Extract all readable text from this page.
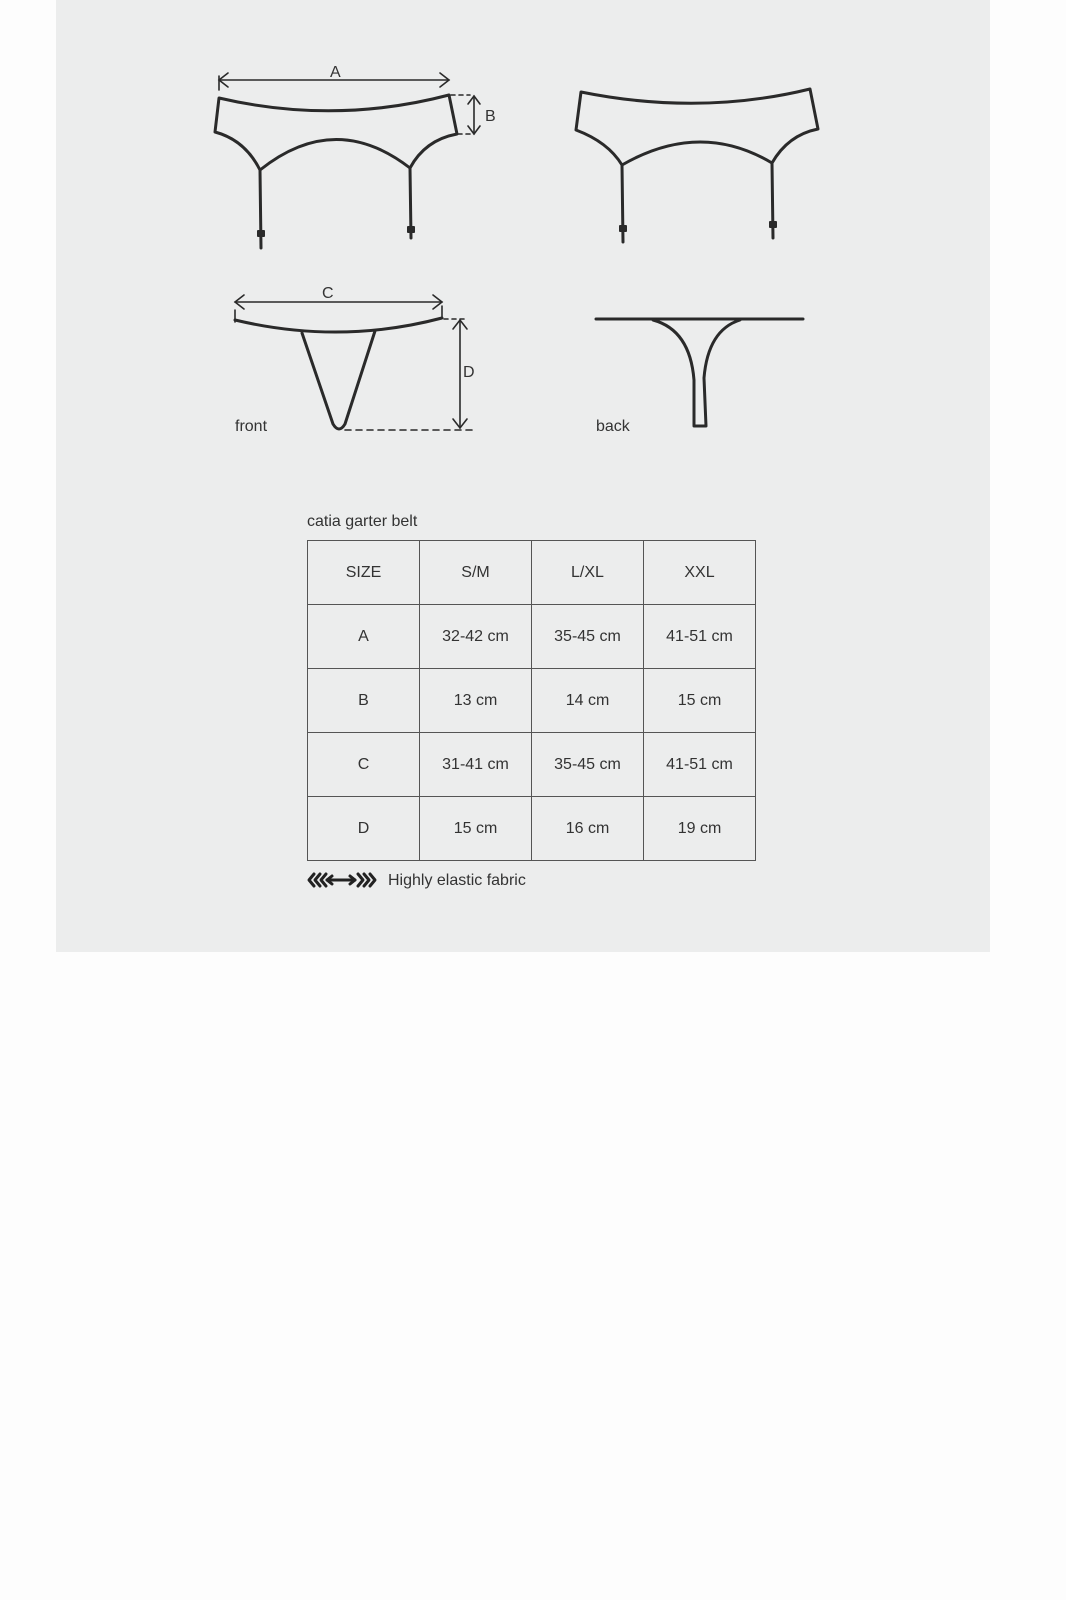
A
B
C
D
front	back
catia garter belt
SIZE	S/M	L/XL	XXL
A	32-42 cm	35-45 cm	41-51 cm
B	13 cm	14 cm	15 cm
C	31-41 cm	35-45 cm	41-51 cm
D	15 cm	16 cm	19 cm
Highly elastic fabric
